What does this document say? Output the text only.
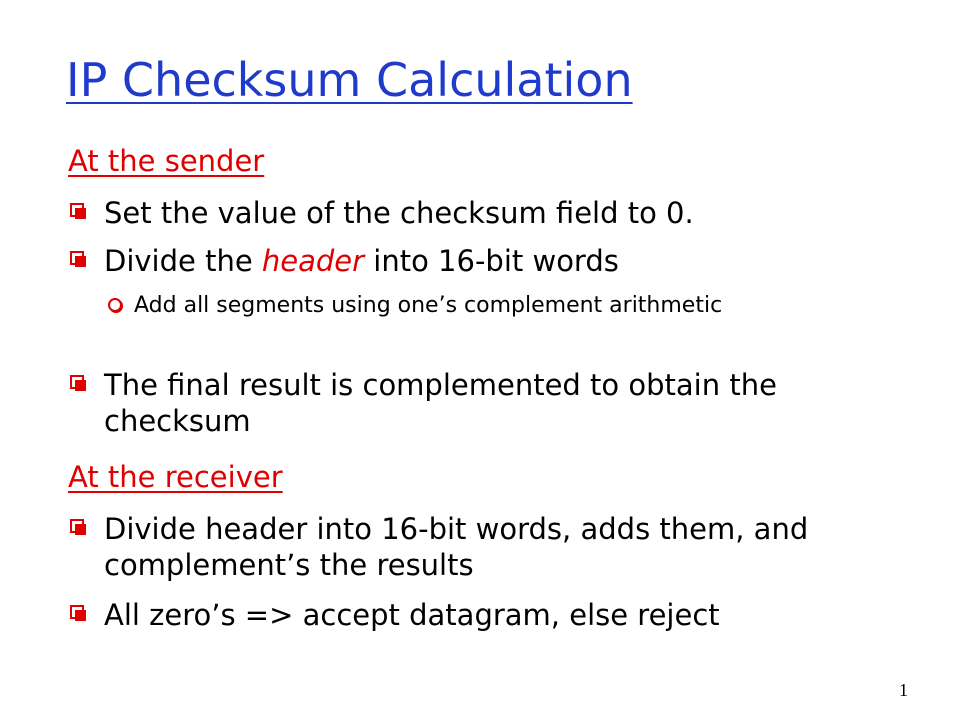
IP Checksum Calculation
At the sender
Set the value of the checksum field to 0.
Divide the header into 16-bit words
Add all segments using one’s complement arithmetic
The final result is complemented to obtain the checksum
At the receiver
Divide header into 16-bit words, adds them, and complement’s the results
All zero’s => accept datagram, else reject
1
